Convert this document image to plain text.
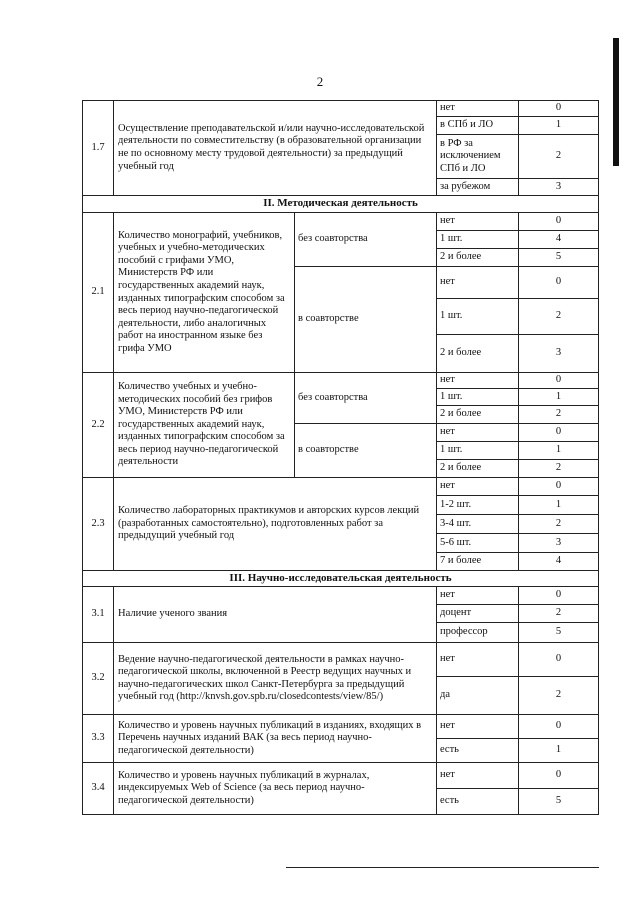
2
1.7	Осуществление преподавательской и/или научно-исследовательской деятельности по совместительству (в образовательной организации не по основному месту трудовой деятельности) за предыдущий учебный год		нет	0
			в СПб и ЛО	1
			в РФ за исключением СПб и ЛО	2
			за рубежом	3
II. Методическая деятельность				
2.1	Количество монографий, учебников, учебных и учебно-методических пособий с грифами УМО, Министерств РФ или государственных академий наук, изданных типографским способом за весь период научно-педагогической деятельности, либо аналогичных работ на иностранном языке без грифа УМО	без соавторства	нет	0
			1 шт.	4
			2 и более	5
		в соавторстве	нет	0
			1 шт.	2
			2 и более	3
2.2	Количество учебных и учебно-методических пособий без грифов УМО, Министерств РФ или государственных академий наук, изданных типографским способом за весь период научно-педагогической деятельности	без соавторства	нет	0
			1 шт.	1
			2 и более	2
		в соавторстве	нет	0
			1 шт.	1
			2 и более	2
2.3	Количество лабораторных практикумов и авторских курсов лекций (разработанных самостоятельно), подготовленных работ за предыдущий учебный год		нет	0
			1-2 шт.	1
			3-4 шт.	2
			5-6 шт.	3
			7 и более	4
III. Научно-исследовательская деятельность				
3.1	Наличие ученого звания		нет	0
			доцент	2
			профессор	5
3.2	Ведение научно-педагогической деятельности в рамках научно-педагогической школы, включенной в Реестр ведущих научных и научно-педагогических школ Санкт-Петербурга за предыдущий учебный год (http://knvsh.gov.spb.ru/closedcontests/view/85/)		нет	0
			да	2
3.3	Количество и уровень научных публикаций в изданиях, входящих в Перечень научных изданий ВАК (за весь период научно-педагогической деятельности)		нет	0
			есть	1
3.4	Количество и уровень научных публикаций в журналах, индексируемых Web of Science (за весь период научно-педагогической деятельности)		нет	0
			есть	5
